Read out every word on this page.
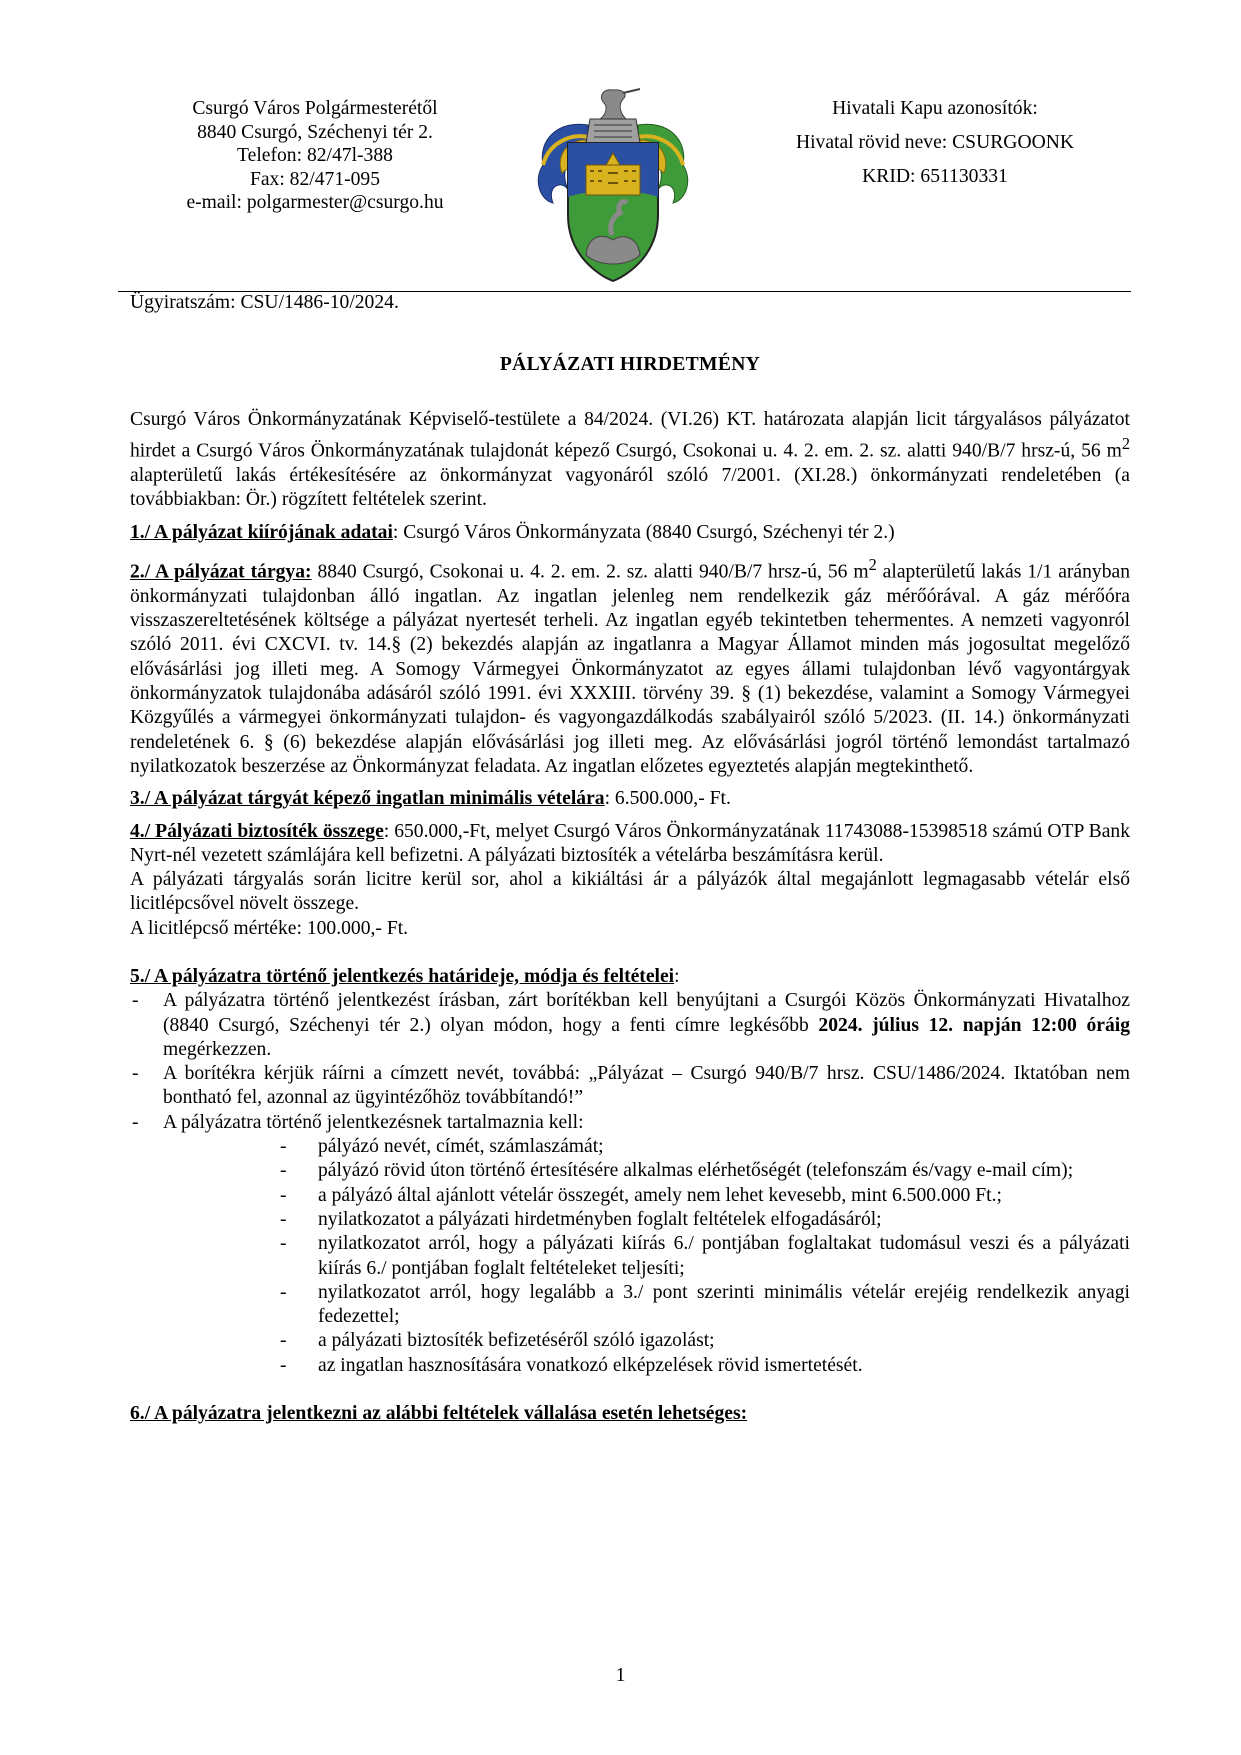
Csurgó Város Polgármesterétől
8840 Csurgó, Széchenyi tér 2.
Telefon: 82/47l-388
Fax: 82/471-095
e-mail: polgarmester@csurgo.hu
Hivatali Kapu azonosítók:
Hivatal rövid neve: CSURGOONK
KRID: 651130331
Ügyiratszám: CSU/1486-10/2024.
PÁLYÁZATI HIRDETMÉNY

Csurgó Város Önkormányzatának Képviselő-testülete a 84/2024. (VI.26) KT. határozata alapján licit tárgyalásos pályázatot hirdet a Csurgó Város Önkormányzatának tulajdonát képező Csurgó, Csokonai u. 4. 2. em. 2. sz. alatti 940/B/7 hrsz-ú, 56 $m^2$ alapterületű lakás értékesítésére az önkormányzat vagyonáról szóló 7/2001. (XI.28.) önkormányzati rendeletében (a továbbiakban: Ör.) rögzített feltételek szerint.

1./ A pályázat kiírójának adatai: Csurgó Város Önkormányzata (8840 Csurgó, Széchenyi tér 2.)

2./ A pályázat tárgya: 8840 Csurgó, Csokonai u. 4. 2. em. 2. sz. alatti 940/B/7 hrsz-ú, 56 $m^2$ alapterületű lakás 1/1 arányban önkormányzati tulajdonban álló ingatlan. Az ingatlan jelenleg nem rendelkezik gáz mérőórával. A gáz mérőóra visszaszereltetésének költsége a pályázat nyertesét terheli. Az ingatlan egyéb tekintetben tehermentes. A nemzeti vagyonról szóló 2011. évi CXCVI. tv. 14.§ (2) bekezdés alapján az ingatlanra a Magyar Államot minden más jogosultat megelőző elővásárlási jog illeti meg. A Somogy Vármegyei Önkormányzatot az egyes állami tulajdonban lévő vagyontárgyak önkormányzatok tulajdonába adásáról szóló 1991. évi XXXIII. törvény 39. § (1) bekezdése, valamint a Somogy Vármegyei Közgyűlés a vármegyei önkormányzati tulajdon- és vagyongazdálkodás szabályairól szóló 5/2023. (II. 14.) önkormányzati rendeletének 6. § (6) bekezdése alapján elővásárlási jog illeti meg. Az elővásárlási jogról történő lemondást tartalmazó nyilatkozatok beszerzése az Önkormányzat feladata. Az ingatlan előzetes egyeztetés alapján megtekinthető.

3./ A pályázat tárgyát képező ingatlan minimális vételára: 6.500.000,- Ft.

4./ Pályázati biztosíték összege: 650.000,-Ft, melyet Csurgó Város Önkormányzatának 11743088-15398518 számú OTP Bank Nyrt-nél vezetett számlájára kell befizetni. A pályázati biztosíték a vételárba beszámításra kerül.
A pályázati tárgyalás során licitre kerül sor, ahol a kikiáltási ár a pályázók által megajánlott legmagasabb vételár első licitlépcsővel növelt összege.
A licitlépcső mértéke: 100.000,- Ft.
5./ A pályázatra történő jelentkezés határideje, módja és feltételei:
- A pályázatra történő jelentkezést írásban, zárt borítékban kell benyújtani a Csurgói Közös Önkormányzati Hivatalhoz (8840 Csurgó, Széchenyi tér 2.) olyan módon, hogy a fenti címre legkésőbb 2024. július 12. napján 12:00 óráig megérkezzen.
- A borítékra kérjük ráírni a címzett nevét, továbbá: „Pályázat – Csurgó 940/B/7 hrsz. CSU/1486/2024. Iktatóban nem bontható fel, azonnal az ügyintézőhöz továbbítandó!”
- A pályázatra történő jelentkezésnek tartalmaznia kell:
- pályázó nevét, címét, számlaszámát;
- pályázó rövid úton történő értesítésére alkalmas elérhetőségét (telefonszám és/vagy e-mail cím);
- a pályázó által ajánlott vételár összegét, amely nem lehet kevesebb, mint 6.500.000 Ft.;
- nyilatkozatot a pályázati hirdetményben foglalt feltételek elfogadásáról;
- nyilatkozatot arról, hogy a pályázati kiírás 6./ pontjában foglaltakat tudomásul veszi és a pályázati kiírás 6./ pontjában foglalt feltételeket teljesíti;
- nyilatkozatot arról, hogy legalább a 3./ pont szerinti minimális vételár erejéig rendelkezik anyagi fedezettel;
- a pályázati biztosíték befizetéséről szóló igazolást;
- az ingatlan hasznosítására vonatkozó elképzelések rövid ismertetését.
6./ A pályázatra jelentkezni az alábbi feltételek vállalása esetén lehetséges:
1
